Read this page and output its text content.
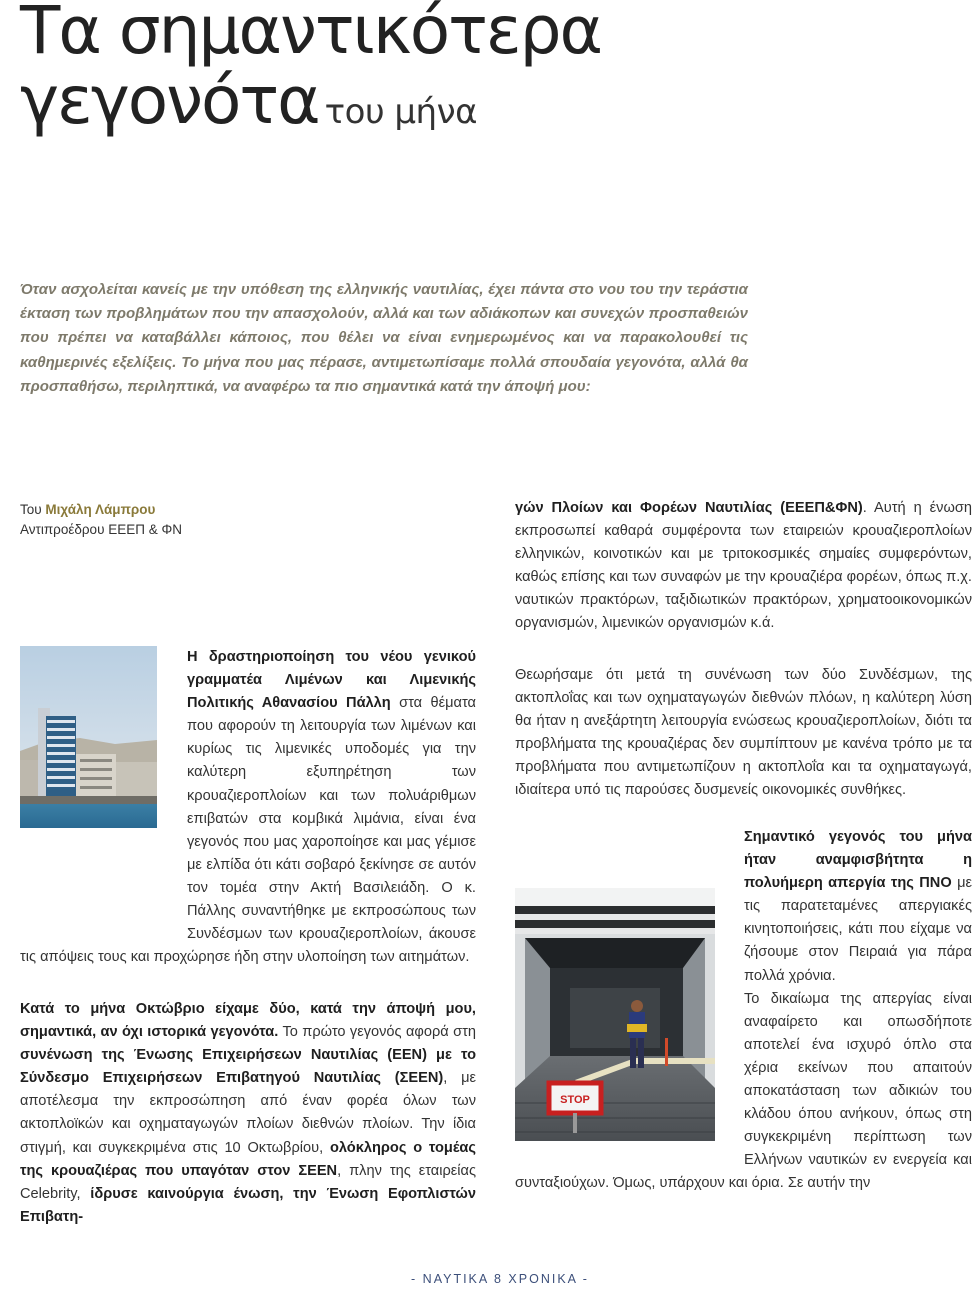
Τα σημαντικότερα
γεγονότα του μήνα

Όταν ασχολείται κανείς με την υπόθεση της ελληνικής ναυτιλίας, έχει πάντα στο νου του την τεράστια έκταση των προβλημάτων που την απασχολούν, αλλά και των αδιάκοπων και συνεχών προσπαθειών που πρέπει να καταβάλλει κάποιος, που θέλει να είναι ενημερωμένος και να παρακολουθεί τις καθημερινές εξελίξεις. Το μήνα που μας πέρασε, αντιμετωπίσαμε πολλά σπουδαία γεγονότα, αλλά θα προσπαθήσω, περιληπτικά, να αναφέρω τα πιο σημαντικά κατά την άποψή μου:

Του Μιχάλη Λάμπρου
Αντιπροέδρου ΕΕΕΠ & ΦΝ
Η δραστηριοποίηση του νέου γενικού γραμματέα Λιμένων και Λιμενικής Πολιτικής Αθανασίου Πάλλη στα θέματα που αφορούν τη λειτουργία των λιμένων και κυρίως τις λιμενικές υποδομές για την καλύτερη εξυπηρέτηση των κρουαζιεροπλοίων και των πολυάριθμων επιβατών στα κομβικά λιμάνια, είναι ένα γεγονός που μας χαροποίησε και μας γέμισε με ελπίδα ότι κάτι σοβαρό ξεκίνησε σε αυτόν τον τομέα στην Ακτή Βασιλειάδη. Ο κ. Πάλλης συναντήθηκε με εκπροσώπους των Συνδέσμων των κρουαζιεροπλοίων, άκουσε τις απόψεις τους και προχώρησε ήδη στην υλοποίηση των αιτημάτων.

Κατά το μήνα Οκτώβριο είχαμε δύο, κατά την άποψή μου, σημαντικά, αν όχι ιστορικά γεγονότα. Το πρώτο γεγονός αφορά στη συνένωση της Ένωσης Επιχειρήσεων Ναυτιλίας (ΕΕΝ) με το Σύνδεσμο Επιχειρήσεων Επιβατηγού Ναυτιλίας (ΣΕΕΝ), με αποτέλεσμα την εκπροσώπηση από έναν φορέα όλων των ακτοπλοϊκών και οχηματαγωγών πλοίων διεθνών πλοίων. Την ίδια στιγμή, και συγκεκριμένα στις 10 Οκτωβρίου, ολόκληρος ο τομέας της κρουαζιέρας που υπαγόταν στον ΣΕΕΝ, πλην της εταιρείας Celebrity, ίδρυσε καινούργια ένωση, την Ένωση Εφοπλιστών Επιβατη-

γών Πλοίων και Φορέων Ναυτιλίας (ΕΕΕΠ&ΦΝ). Αυτή η ένωση εκπροσωπεί καθαρά συμφέροντα των εταιρειών κρουαζιεροπλοίων ελληνικών, κοινοτικών και με τριτοκοσμικές σημαίες συμφερόντων, καθώς επίσης και των συναφών με την κρουαζιέρα φορέων, όπως π.χ. ναυτικών πρακτόρων, ταξιδιωτικών πρακτόρων, χρηματοοικονομικών οργανισμών, λιμενικών οργανισμών κ.ά.

Θεωρήσαμε ότι μετά τη συνένωση των δύο Συνδέσμων, της ακτοπλοΐας και των οχηματαγωγών διεθνών πλόων, η καλύτερη λύση θα ήταν η ανεξάρτητη λειτουργία ενώσεως κρουαζιεροπλοίων, διότι τα προβλήματα της κρουαζιέρας δεν συμπίπτουν με κανένα τρόπο με τα προβλήματα που αντιμετωπίζουν η ακτοπλοΐα και τα οχηματαγωγά, ιδιαίτερα υπό τις παρούσες δυσμενείς οικονομικές συνθήκες.

STOP

Σημαντικό γεγονός του μήνα ήταν αναμφισβήτητα η πολυήμερη απεργία της ΠΝΟ με τις παρατεταμένες απεργιακές κινητοποιήσεις, κάτι που είχαμε να ζήσουμε στον Πειραιά για πάρα πολλά χρόνια.

Το δικαίωμα της απεργίας είναι αναφαίρετο και οπωσδήποτε αποτελεί ένα ισχυρό όπλο στα χέρια εκείνων που απαιτούν αποκατάσταση των αδικιών του κλάδου όπου ανήκουν, όπως στη συγκεκριμένη περίπτωση των Ελλήνων ναυτικών εν ενεργεία και συνταξιούχων. Όμως, υπάρχουν και όρια. Σε αυτήν την

- ΝΑΥΤΙΚΑ 8 ΧΡΟΝΙΚΑ -
